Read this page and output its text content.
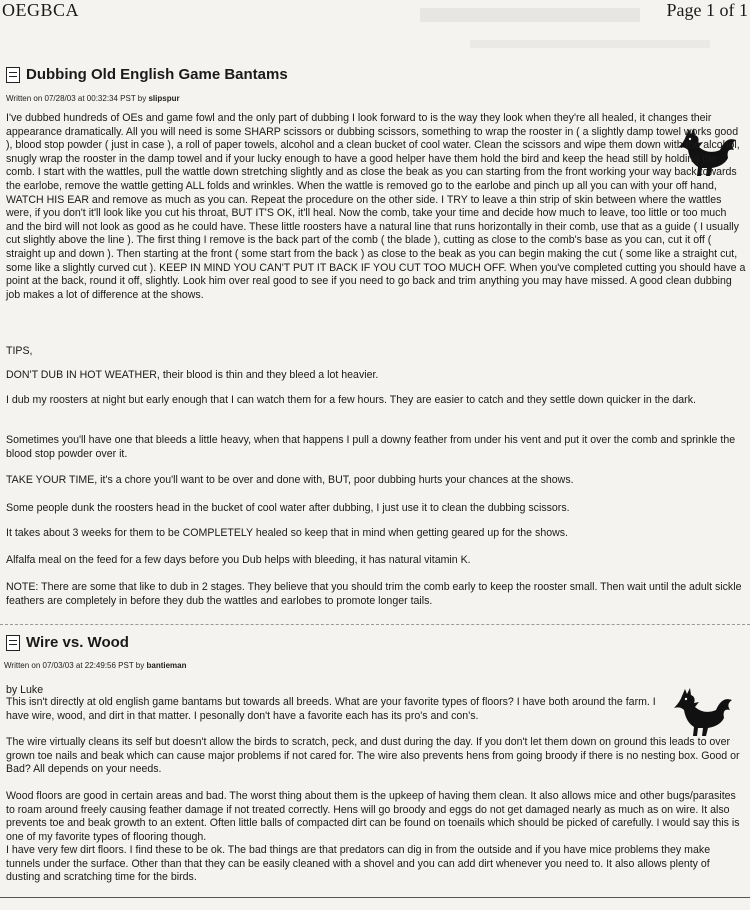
OEGBCA	Page 1 of 1
Dubbing Old English Game Bantams
Written on 07/28/03 at 00:32:34 PST by slipspur

I've dubbed hundreds of OEs and game fowl and the only part of dubbing I look forward to is the way they look when they're all healed, it changes their appearance dramatically. All you will need is some SHARP scissors or dubbing scissors, something to wrap the rooster in ( a slightly damp towel works good ), blood stop powder ( just in case ), a roll of paper towels, alcohol and a clean bucket of cool water. Clean the scissors and wipe them down with the alcohol, snugly wrap the rooster in the damp towel and if your lucky enough to have a good helper have them hold the bird and keep the head still by holding the comb. I start with the wattles, pull the wattle down stretching slightly and as close the beak as you can starting from the front working your way back towards the earlobe, remove the wattle getting ALL folds and wrinkles. When the wattle is removed go to the earlobe and pinch up all you can with your off hand, WATCH HIS EAR and remove as much as you can. Repeat the procedure on the other side. I TRY to leave a thin strip of skin between where the wattles were, if you don't it'll look like you cut his throat, BUT IT'S OK, it'll heal. Now the comb, take your time and decide how much to leave, too little or too much and the bird will not look as good as he could have. These little roosters have a natural line that runs horizontally in their comb, use that as a guide ( I usually cut slightly above the line ). The first thing I remove is the back part of the comb ( the blade ), cutting as close to the comb's base as you can, cut it off ( straight up and down ). Then starting at the front ( some start from the back ) as close to the beak as you can begin making the cut ( some like a straight cut, some like a slightly curved cut ). KEEP IN MIND YOU CAN'T PUT IT BACK IF YOU CUT TOO MUCH OFF. When you've completed cutting you should have a point at the back, round it off, slightly. Look him over real good to see if you need to go back and trim anything you may have missed. A good clean dubbing job makes a lot of difference at the shows.

TIPS,

DON'T DUB IN HOT WEATHER, their blood is thin and they bleed a lot heavier.

I dub my roosters at night but early enough that I can watch them for a few hours. They are easier to catch and they settle down quicker in the dark.

Sometimes you'll have one that bleeds a little heavy, when that happens I pull a downy feather from under his vent and put it over the comb and sprinkle the blood stop powder over it.

TAKE YOUR TIME, it's a chore you'll want to be over and done with, BUT, poor dubbing hurts your chances at the shows.

Some people dunk the roosters head in the bucket of cool water after dubbing, I just use it to clean the dubbing scissors.

It takes about 3 weeks for them to be COMPLETELY healed so keep that in mind when getting geared up for the shows.

Alfalfa meal on the feed for a few days before you Dub helps with bleeding, it has natural vitamin K.

NOTE: There are some that like to dub in 2 stages. They believe that you should trim the comb early to keep the rooster small. Then wait until the adult sickle feathers are completely in before they dub the wattles and earlobes to promote longer tails.

Wire vs. Wood
Written on 07/03/03 at 22:49:56 PST by bantieman
by Luke

This isn't directly at old english game bantams but towards all breeds. What are your favorite types of floors? I have both around the farm. I have wire, wood, and dirt in that matter. I pesonally don't have a favorite each has its pro's and con's.

The wire virtually cleans its self but doesn't allow the birds to scratch, peck, and dust during the day. If you don't let them down on ground this leads to over grown toe nails and beak which can cause major problems if not cared for. The wire also prevents hens from going broody if there is no nesting box. Good or Bad? All depends on your needs.

Wood floors are good in certain areas and bad. The worst thing about them is the upkeep of having them clean. It also allows mice and other bugs/parasites to roam around freely causing feather damage if not treated correctly. Hens will go broody and eggs do not get damaged nearly as much as on wire. It also prevents toe and beak growth to an extent. Often little balls of compacted dirt can be found on toenails which should be picked of carefully. I would say this is one of my favorite types of flooring though.

I have very few dirt floors. I find these to be ok. The bad things are that predators can dig in from the outside and if you have mice problems they make tunnels under the surface. Other than that they can be easily cleaned with a shovel and you can add dirt whenever you need to. It also allows plenty of dusting and scratching time for the birds.
